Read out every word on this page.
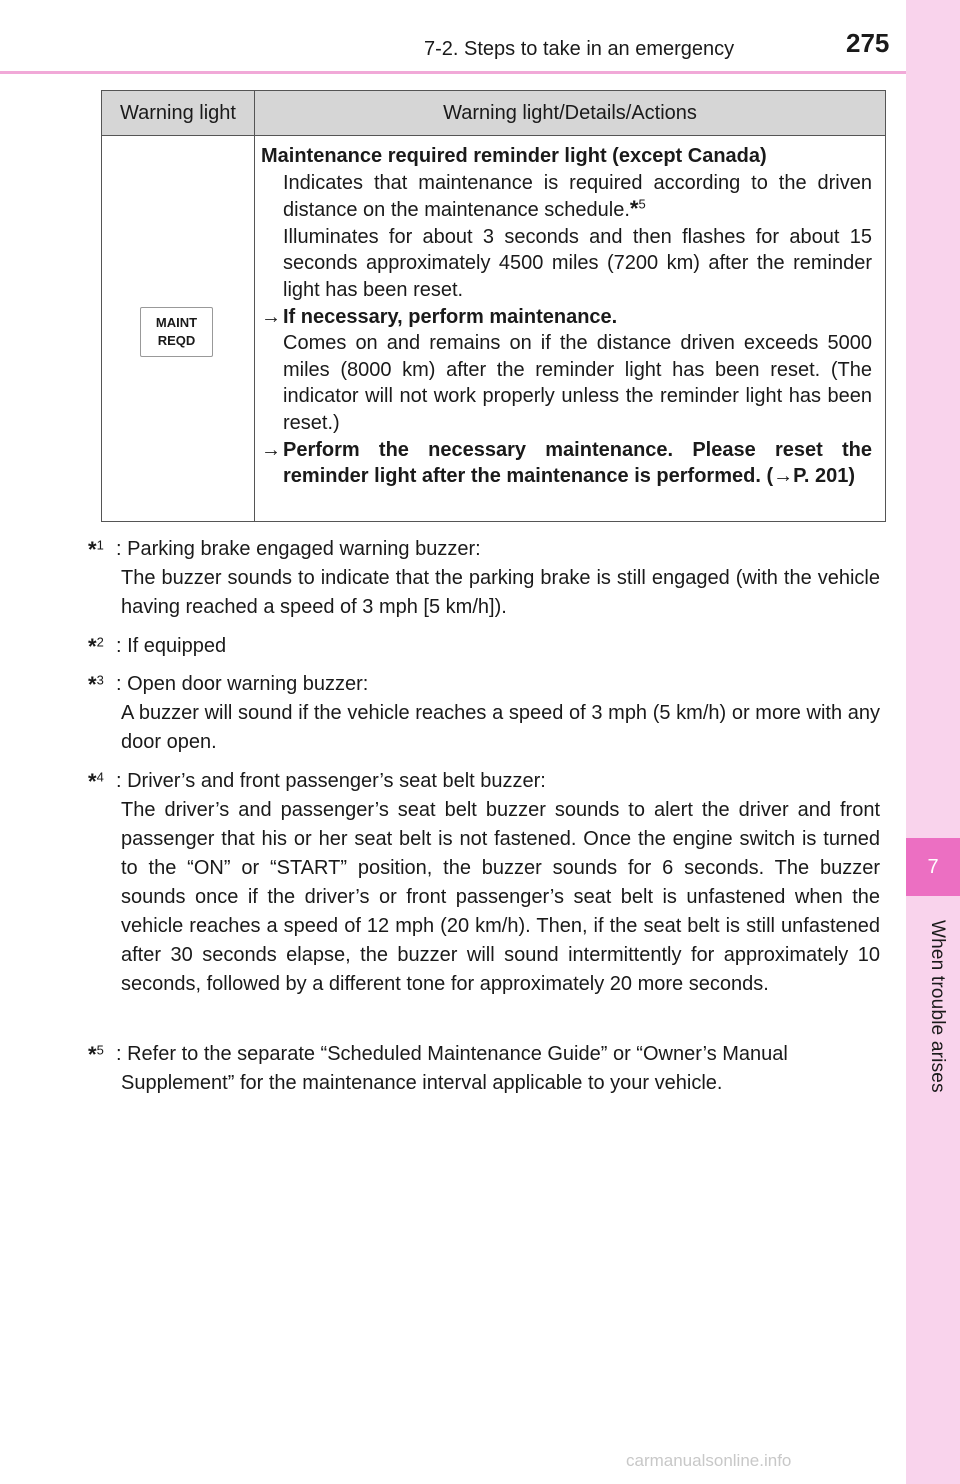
7
When trouble arises
7-2. Steps to take in an emergency	275
Warning light	Warning light/Details/Actions
MAINT
REQD
Maintenance required reminder light (except Canada)
Indicates that maintenance is required according to the driven distance on the maintenance schedule.*$^5$
Illuminates for about 3 seconds and then flashes for about 15 seconds approximately 4500 miles (7200 km) after the reminder light has been reset.
→ If necessary, perform maintenance.
Comes on and remains on if the distance driven exceeds 5000 miles (8000 km) after the reminder light has been reset. (The indicator will not work properly unless the reminder light has been reset.)
→ Perform the necessary maintenance. Please reset the reminder light after the maintenance is performed. (→P. 201)
*$^1$ : Parking brake engaged warning buzzer:
The buzzer sounds to indicate that the parking brake is still engaged (with the vehicle having reached a speed of 3 mph [5 km/h]).
*$^2$ : If equipped
*$^3$ : Open door warning buzzer:
A buzzer will sound if the vehicle reaches a speed of 3 mph (5 km/h) or more with any door open.
*$^4$ : Driver’s and front passenger’s seat belt buzzer:
The driver’s and passenger’s seat belt buzzer sounds to alert the driver and front passenger that his or her seat belt is not fastened. Once the engine switch is turned to the “ON” or “START” position, the buzzer sounds for 6 seconds. The buzzer sounds once if the driver’s or front passenger’s seat belt is unfastened when the vehicle reaches a speed of 12 mph (20 km/h). Then, if the seat belt is still unfastened after 30 seconds elapse, the buzzer will sound intermittently for approximately 10 seconds, followed by a different tone for approximately 20 more seconds.
*$^5$ : Refer to the separate “Scheduled Maintenance Guide” or “Owner’s Manual
Supplement” for the maintenance interval applicable to your vehicle.
carmanualsonline.info
